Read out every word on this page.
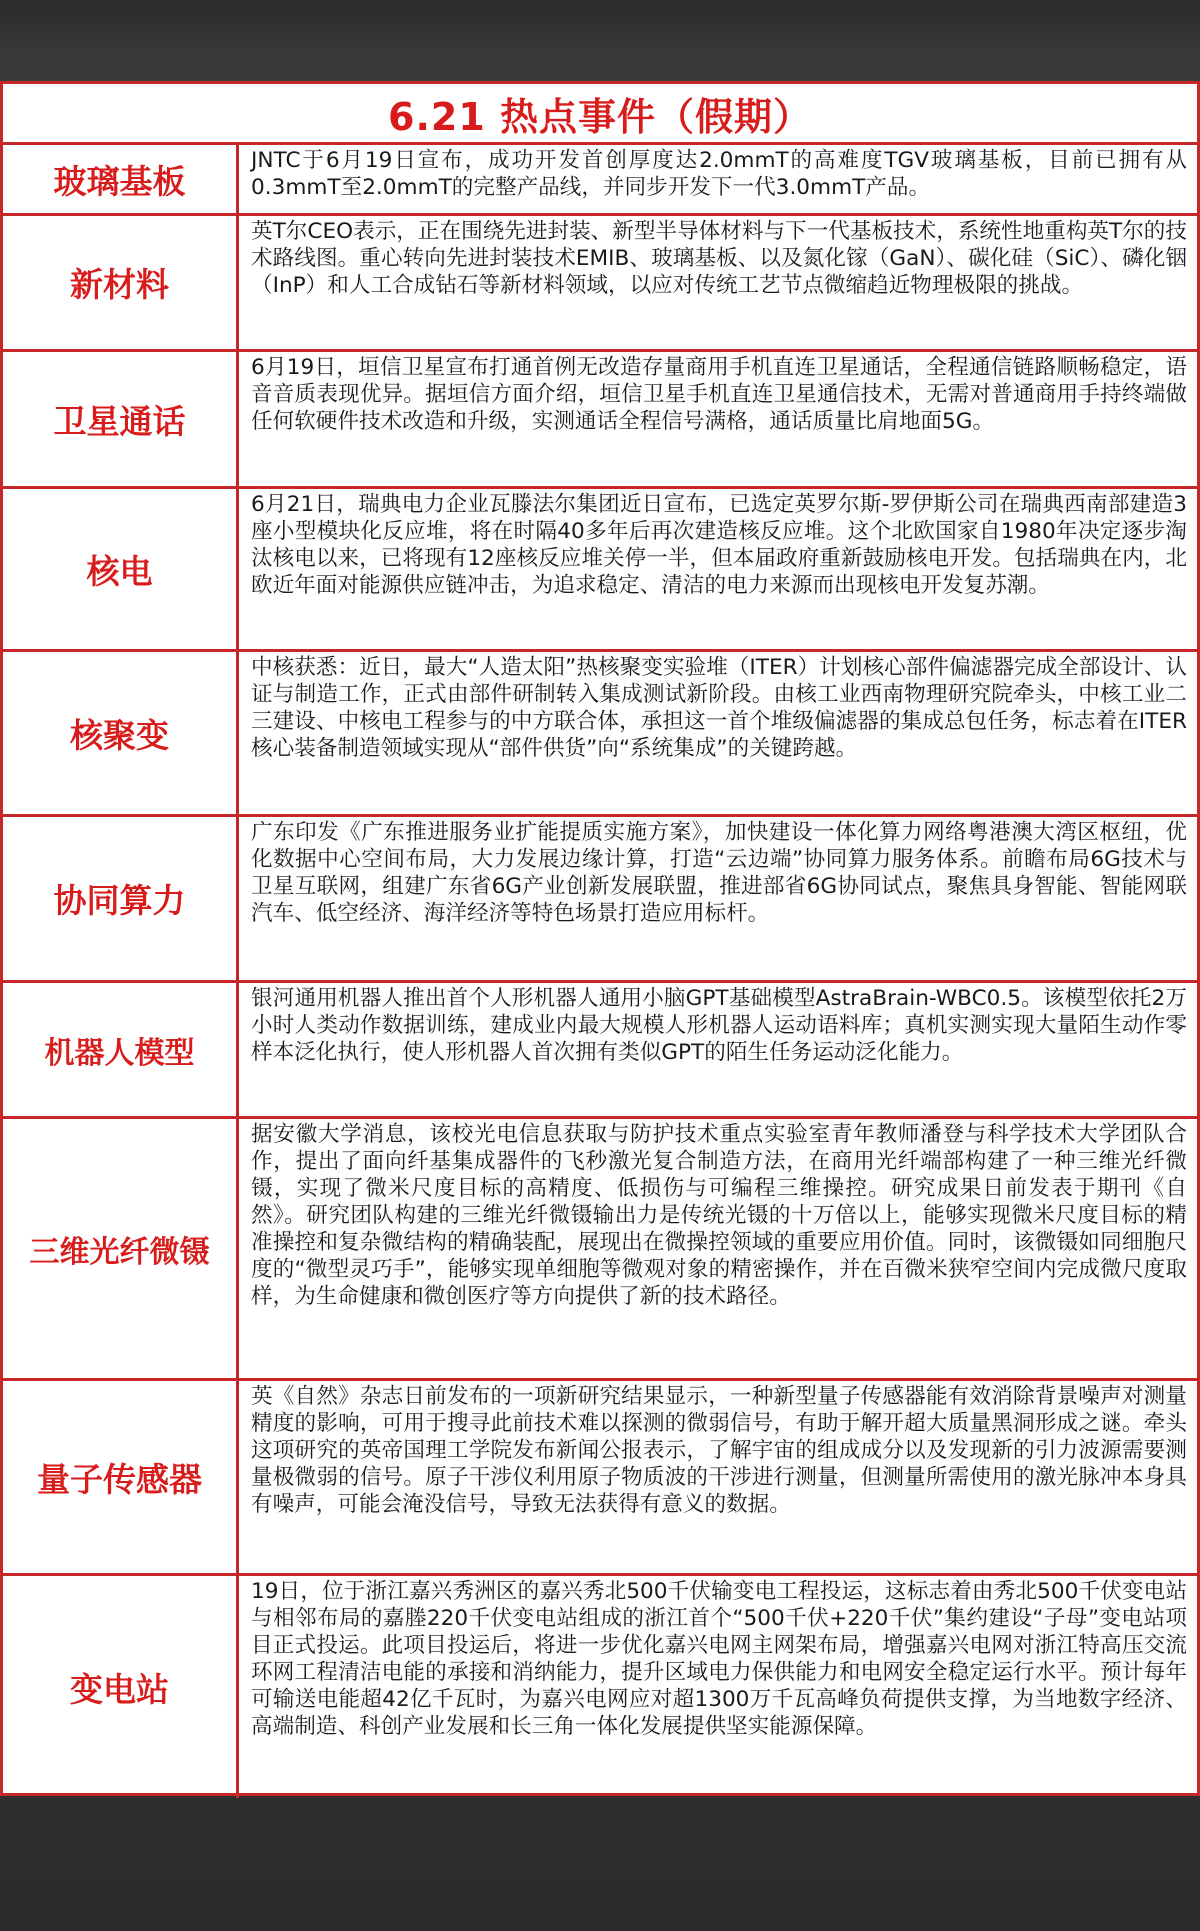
6.21 热点事件（假期）
玻璃基板
JNTC于6月19日宣布，成功开发首创厚度达2.0mmT的高难度TGV玻璃基板，目前已拥有从0.3mmT至2.0mmT的完整产品线，并同步开发下一代3.0mmT产品。
新材料
英T尔CEO表示，正在围绕先进封装、新型半导体材料与下一代基板技术，系统性地重构英T尔的技术路线图。重心转向先进封装技术EMIB、玻璃基板、以及氮化镓（GaN）、碳化硅（SiC）、磷化铟（InP）和人工合成钻石等新材料领域，以应对传统工艺节点微缩趋近物理极限的挑战。
卫星通话
6月19日，垣信卫星宣布打通首例无改造存量商用手机直连卫星通话，全程通信链路顺畅稳定，语音音质表现优异。据垣信方面介绍，垣信卫星手机直连卫星通信技术，无需对普通商用手持终端做任何软硬件技术改造和升级，实测通话全程信号满格，通话质量比肩地面5G。
核电
6月21日，瑞典电力企业瓦滕法尔集团近日宣布，已选定英罗尔斯-罗伊斯公司在瑞典西南部建造3座小型模块化反应堆，将在时隔40多年后再次建造核反应堆。这个北欧国家自1980年决定逐步淘汰核电以来，已将现有12座核反应堆关停一半，但本届政府重新鼓励核电开发。包括瑞典在内，北欧近年面对能源供应链冲击，为追求稳定、清洁的电力来源而出现核电开发复苏潮。
核聚变
中核获悉：近日，最大“人造太阳”热核聚变实验堆（ITER）计划核心部件偏滤器完成全部设计、认证与制造工作，正式由部件研制转入集成测试新阶段。由核工业西南物理研究院牵头，中核工业二三建设、中核电工程参与的中方联合体，承担这一首个堆级偏滤器的集成总包任务，标志着在ITER核心装备制造领域实现从“部件供货”向“系统集成”的关键跨越。
协同算力
广东印发《广东推进服务业扩能提质实施方案》，加快建设一体化算力网络粤港澳大湾区枢纽，优化数据中心空间布局，大力发展边缘计算，打造“云边端”协同算力服务体系。前瞻布局6G技术与卫星互联网，组建广东省6G产业创新发展联盟，推进部省6G协同试点，聚焦具身智能、智能网联汽车、低空经济、海洋经济等特色场景打造应用标杆。
机器人模型
银河通用机器人推出首个人形机器人通用小脑GPT基础模型AstraBrain-WBC0.5。该模型依托2万小时人类动作数据训练，建成业内最大规模人形机器人运动语料库；真机实测实现大量陌生动作零样本泛化执行，使人形机器人首次拥有类似GPT的陌生任务运动泛化能力。
三维光纤微镊
据安徽大学消息，该校光电信息获取与防护技术重点实验室青年教师潘登与科学技术大学团队合作，提出了面向纤基集成器件的飞秒激光复合制造方法，在商用光纤端部构建了一种三维光纤微镊，实现了微米尺度目标的高精度、低损伤与可编程三维操控。研究成果日前发表于期刊《自然》。研究团队构建的三维光纤微镊输出力是传统光镊的十万倍以上，能够实现微米尺度目标的精准操控和复杂微结构的精确装配，展现出在微操控领域的重要应用价值。同时，该微镊如同细胞尺度的“微型灵巧手”，能够实现单细胞等微观对象的精密操作，并在百微米狭窄空间内完成微尺度取样，为生命健康和微创医疗等方向提供了新的技术路径。
量子传感器
英《自然》杂志日前发布的一项新研究结果显示，一种新型量子传感器能有效消除背景噪声对测量精度的影响，可用于搜寻此前技术难以探测的微弱信号，有助于解开超大质量黑洞形成之谜。牵头这项研究的英帝国理工学院发布新闻公报表示，了解宇宙的组成成分以及发现新的引力波源需要测量极微弱的信号。原子干涉仪利用原子物质波的干涉进行测量，但测量所需使用的激光脉冲本身具有噪声，可能会淹没信号，导致无法获得有意义的数据。
变电站
19日，位于浙江嘉兴秀洲区的嘉兴秀北500千伏输变电工程投运，这标志着由秀北500千伏变电站与相邻布局的嘉塍220千伏变电站组成的浙江首个“500千伏+220千伏”集约建设“子母”变电站项目正式投运。此项目投运后，将进一步优化嘉兴电网主网架布局，增强嘉兴电网对浙江特高压交流环网工程清洁电能的承接和消纳能力，提升区域电力保供能力和电网安全稳定运行水平。预计每年可输送电能超42亿千瓦时，为嘉兴电网应对超1300万千瓦高峰负荷提供支撑，为当地数字经济、高端制造、科创产业发展和长三角一体化发展提供坚实能源保障。
